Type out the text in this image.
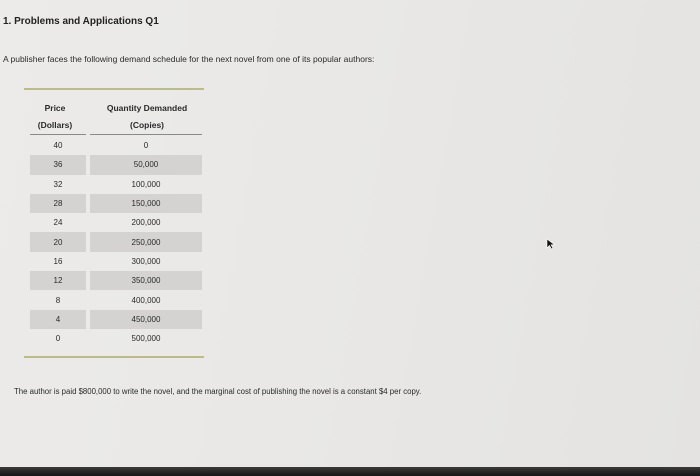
1. Problems and Applications Q1
A publisher faces the following demand schedule for the next novel from one of its popular authors:
Price
(Dollars)
Quantity Demanded
(Copies)
40	0
36	50,000
32	100,000
28	150,000
24	200,000
20	250,000
16	300,000
12	350,000
8	400,000
4	450,000
0	500,000
The author is paid $800,000 to write the novel, and the marginal cost of publishing the novel is a constant $4 per copy.
